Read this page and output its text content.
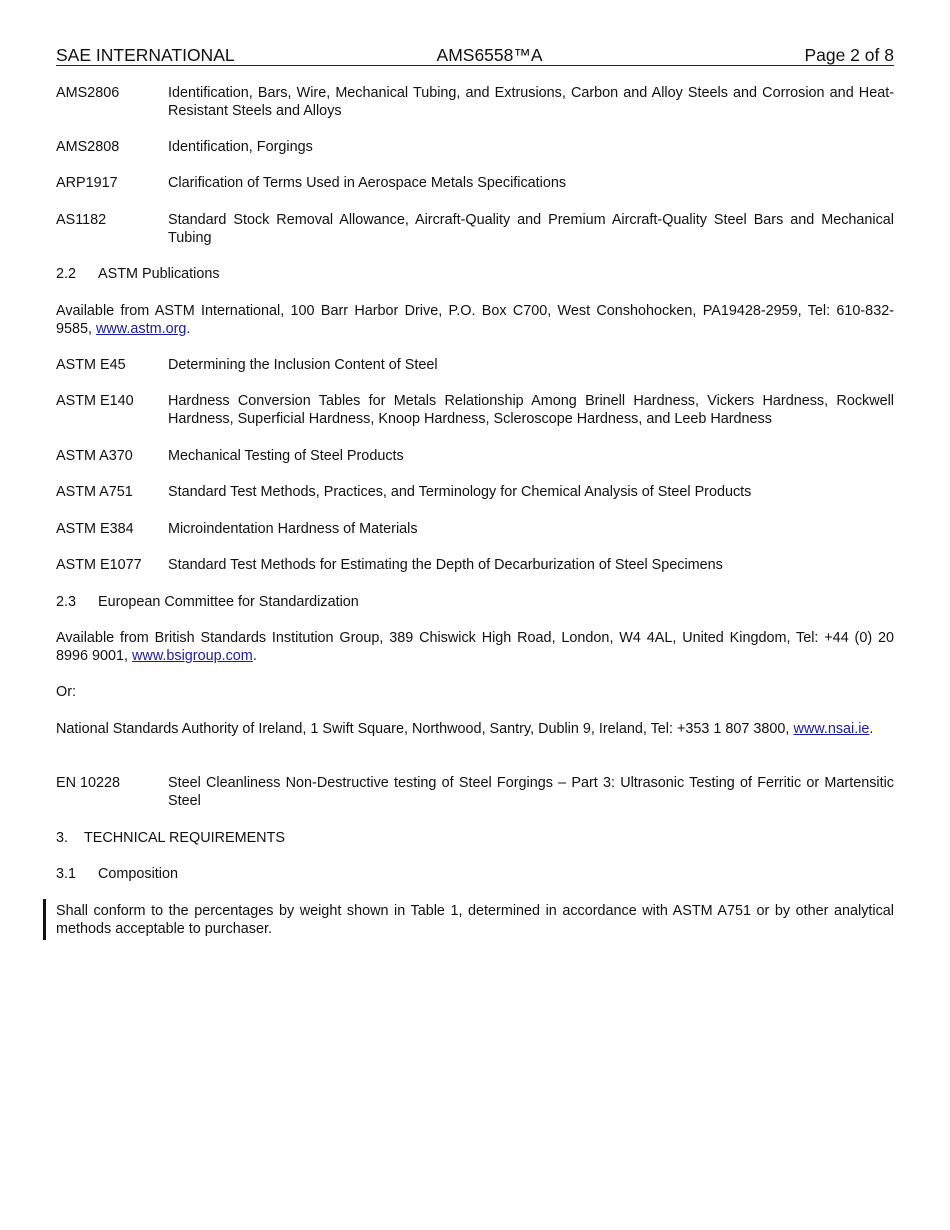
SAE INTERNATIONAL	AMS6558™A	Page 2 of 8
AMS2806	Identification, Bars, Wire, Mechanical Tubing, and Extrusions, Carbon and Alloy Steels and Corrosion and Heat-Resistant Steels and Alloys
AMS2808	Identification, Forgings
ARP1917	Clarification of Terms Used in Aerospace Metals Specifications
AS1182	Standard Stock Removal Allowance, Aircraft-Quality and Premium Aircraft-Quality Steel Bars and Mechanical Tubing
2.2 ASTM Publications
Available from ASTM International, 100 Barr Harbor Drive, P.O. Box C700, West Conshohocken, PA19428-2959, Tel: 610-832-9585, www.astm.org.
ASTM E45	Determining the Inclusion Content of Steel
ASTM E140	Hardness Conversion Tables for Metals Relationship Among Brinell Hardness, Vickers Hardness, Rockwell Hardness, Superficial Hardness, Knoop Hardness, Scleroscope Hardness, and Leeb Hardness
ASTM A370	Mechanical Testing of Steel Products
ASTM A751	Standard Test Methods, Practices, and Terminology for Chemical Analysis of Steel Products
ASTM E384	Microindentation Hardness of Materials
ASTM E1077	Standard Test Methods for Estimating the Depth of Decarburization of Steel Specimens
2.3 European Committee for Standardization
Available from British Standards Institution Group, 389 Chiswick High Road, London, W4 4AL, United Kingdom, Tel: +44 (0) 20 8996 9001, www.bsigroup.com.
Or:
National Standards Authority of Ireland, 1 Swift Square, Northwood, Santry, Dublin 9, Ireland, Tel: +353 1 807 3800, www.nsai.ie.
EN 10228	Steel Cleanliness Non-Destructive testing of Steel Forgings – Part 3: Ultrasonic Testing of Ferritic or Martensitic Steel
3. TECHNICAL REQUIREMENTS
3.1 Composition
Shall conform to the percentages by weight shown in Table 1, determined in accordance with ASTM A751 or by other analytical methods acceptable to purchaser.
